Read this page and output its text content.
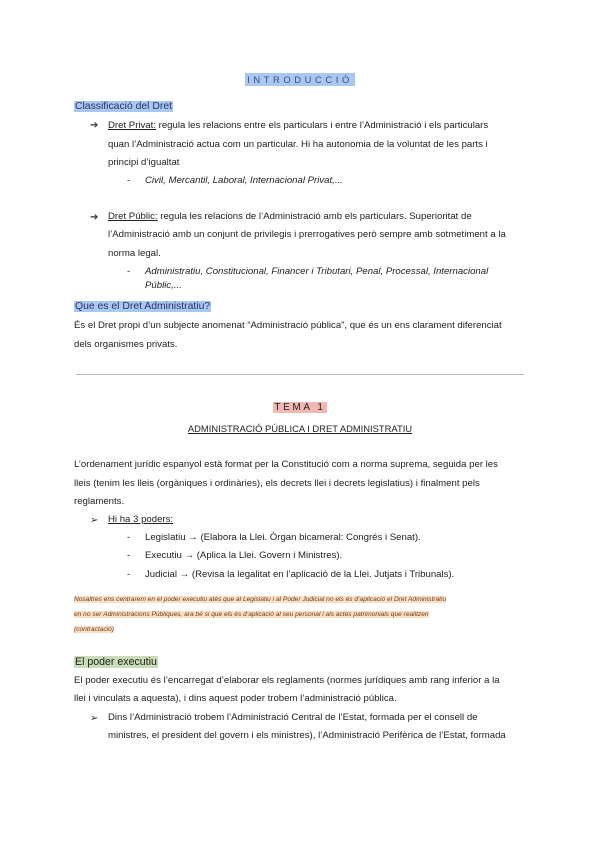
INTRODUCCIÓ
Classificació del Dret
➔	Dret Privat: regula les relacions entre els particulars i entre l’Administració i els particulars
quan l’Administració actua com un particular. Hi ha autonomia de la voluntat de les parts i
principi d’igualtat
-	Civil, Mercantil, Laboral, Internacional Privat,...
➔	Dret Públic: regula les relacions de l’Administració amb els particulars. Superioritat de
l’Administració amb un conjunt de privilegis i prerrogatives però sempre amb sotmetiment a la
norma legal.
-	Administratiu, Constitucional, Financer i Tributari, Penal, Processal, Internacional
Públic,...
Que es el Dret Administratiu?
És el Dret propi d’un subjecte anomenat “Administració pública”, que és un ens clarament diferenciat
dels organismes privats.
TEMA 1
ADMINISTRACIÓ PÚBLICA I DRET ADMINISTRATIU
L’ordenament jurídic espanyol està format per la Constitució com a norma suprema, seguida per les
lleis (tenim les lleis (orgàniques i ordinàries), els decrets llei i decrets legislatius) i finalment pels
reglaments.
➢	Hi ha 3 poders:
-	Legislatiu → (Elabora la Llei. Òrgan bicameral: Congrés i Senat).
-	Executiu → (Aplica la Llei. Govern i Ministres).
-	Judicial → (Revisa la legalitat en l’aplicació de la Llei. Jutjats i Tribunals).
Nosaltres ens centrarem en el poder executiu atès que al Legislatiu i al Poder Judicial no els és d’aplicació el Dret Administratiu
en no ser Administracions Públiques, ara bé si que els és d’aplicació al seu personal i als actes patrimonials que realitzen
(contractació)
El poder executiu
El poder executiu és l’encarregat d’elaborar els reglaments (normes jurídiques amb rang inferior a la
llei i vinculats a aquesta), i dins aquest poder trobem l’administració pública.
➢	Dins l’Administració trobem l’Administració Central de l’Estat, formada per el consell de
ministres, el president del govern i els ministres), l’Administració Perifèrica de l’Estat, formada
